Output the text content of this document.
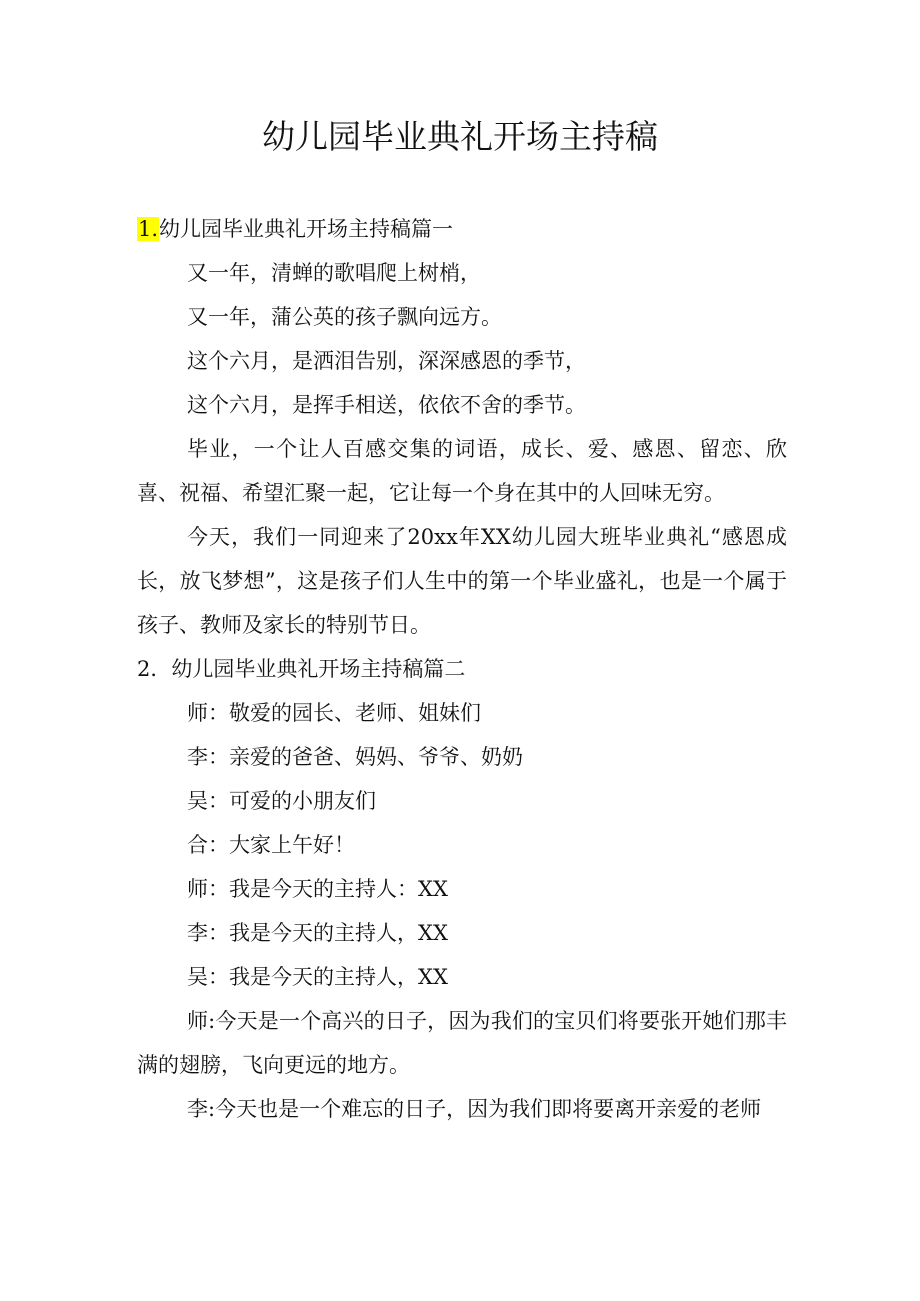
幼儿园毕业典礼开场主持稿

1.幼儿园毕业典礼开场主持稿篇一

又一年，清蝉的歌唱爬上树梢，

又一年，蒲公英的孩子飘向远方。

这个六月，是洒泪告别，深深感恩的季节，

这个六月，是挥手相送，依依不舍的季节。

毕业，一个让人百感交集的词语，成长、爱、感恩、留恋、欣喜、祝福、希望汇聚一起，它让每一个身在其中的人回味无穷。

今天，我们一同迎来了20xx年XX幼儿园大班毕业典礼“感恩成长，放飞梦想”，这是孩子们人生中的第一个毕业盛礼，也是一个属于孩子、教师及家长的特别节日。

2．幼儿园毕业典礼开场主持稿篇二

师：敬爱的园长、老师、姐妹们

李：亲爱的爸爸、妈妈、爷爷、奶奶

吴：可爱的小朋友们

合：大家上午好！

师：我是今天的主持人：XX

李：我是今天的主持人，XX

吴：我是今天的主持人，XX

师:今天是一个高兴的日子，因为我们的宝贝们将要张开她们那丰满的翅膀，飞向更远的地方。

李:今天也是一个难忘的日子，因为我们即将要离开亲爱的老师
